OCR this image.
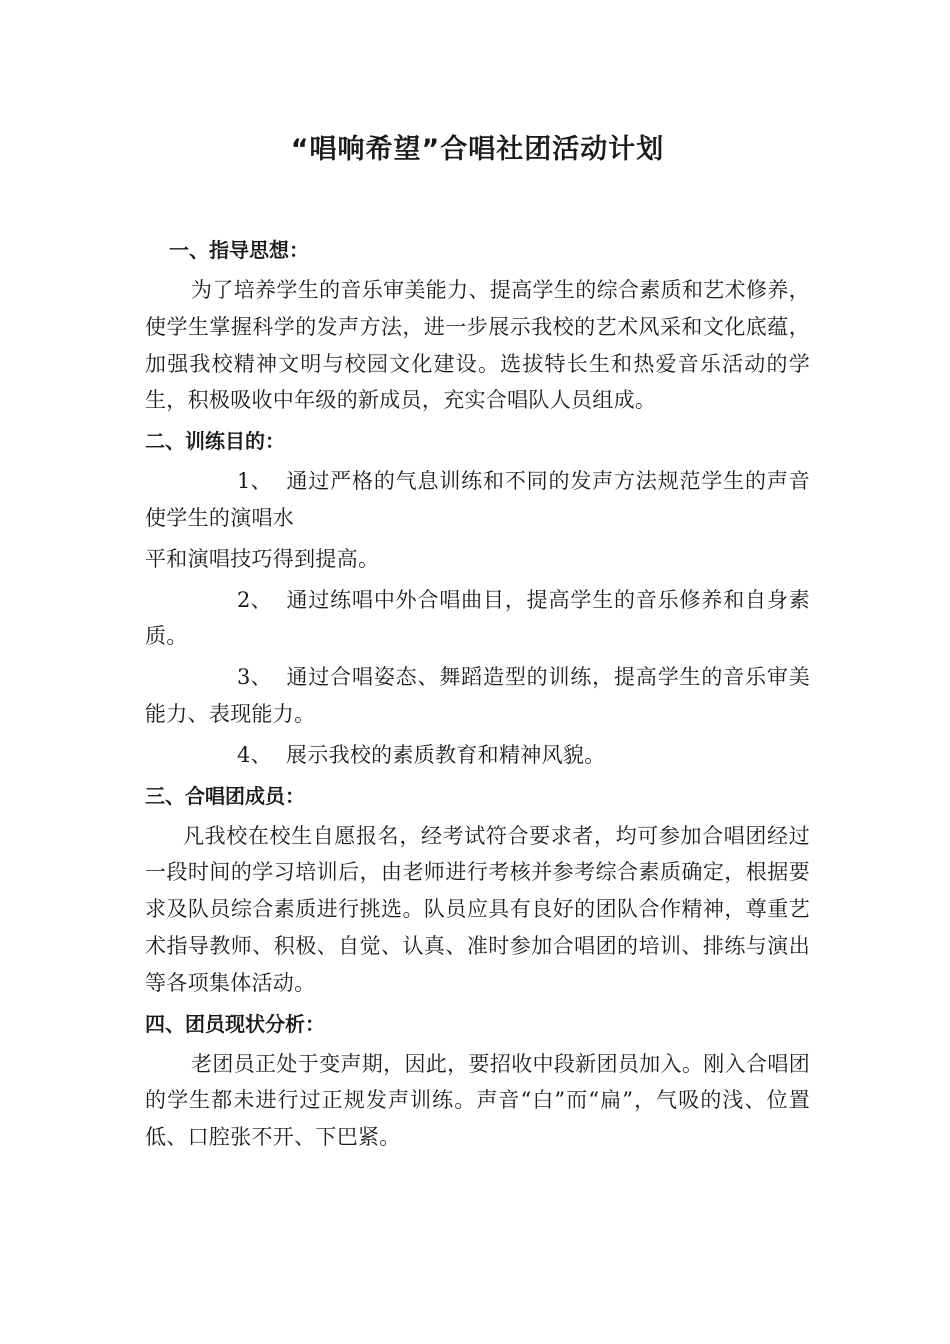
“唱响希望”合唱社团活动计划
一、指导思想：

为了培养学生的音乐审美能力、提高学生的综合素质和艺术修养，使学生掌握科学的发声方法，进一步展示我校的艺术风采和文化底蕴，加强我校精神文明与校园文化建设。选拔特长生和热爱音乐活动的学生，积极吸收中年级的新成员，充实合唱队人员组成。

二、训练目的：

1、 通过严格的气息训练和不同的发声方法规范学生的声音使学生的演唱水

平和演唱技巧得到提高。

2、 通过练唱中外合唱曲目，提高学生的音乐修养和自身素质。

3、 通过合唱姿态、舞蹈造型的训练，提高学生的音乐审美能力、表现能力。

4、 展示我校的素质教育和精神风貌。

三、合唱团成员：

凡我校在校生自愿报名，经考试符合要求者，均可参加合唱团经过一段时间的学习培训后，由老师进行考核并参考综合素质确定，根据要求及队员综合素质进行挑选。队员应具有良好的团队合作精神，尊重艺术指导教师、积极、自觉、认真、准时参加合唱团的培训、排练与演出等各项集体活动。

四、团员现状分析：

老团员正处于变声期，因此，要招收中段新团员加入。刚入合唱团的学生都未进行过正规发声训练。声音“白”而“扁”，气吸的浅、位置低、口腔张不开、下巴紧。
